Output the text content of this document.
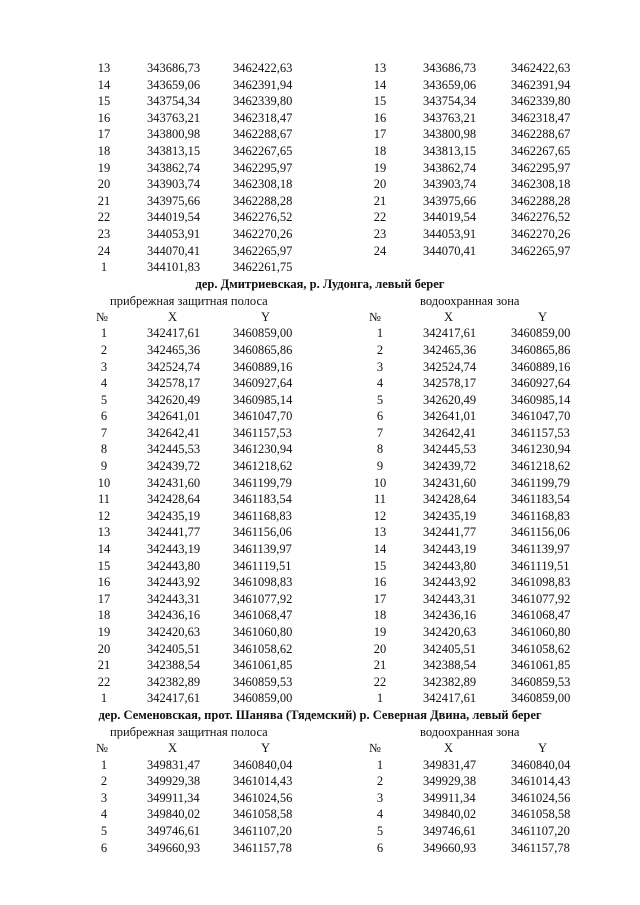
13	343686,73	3462422,63	13	343686,73	3462422,63
14	343659,06	3462391,94	14	343659,06	3462391,94
15	343754,34	3462339,80	15	343754,34	3462339,80
16	343763,21	3462318,47	16	343763,21	3462318,47
17	343800,98	3462288,67	17	343800,98	3462288,67
18	343813,15	3462267,65	18	343813,15	3462267,65
19	343862,74	3462295,97	19	343862,74	3462295,97
20	343903,74	3462308,18	20	343903,74	3462308,18
21	343975,66	3462288,28	21	343975,66	3462288,28
22	344019,54	3462276,52	22	344019,54	3462276,52
23	344053,91	3462270,26	23	344053,91	3462270,26
24	344070,41	3462265,97	24	344070,41	3462265,97
1	344101,83	3462261,75
дер. Дмитриевская, р. Лудонга, левый берег
прибрежная защитная полоса	водоохранная зона
№	X	Y	№	X	Y
1	342417,61	3460859,00	1	342417,61	3460859,00
2	342465,36	3460865,86	2	342465,36	3460865,86
3	342524,74	3460889,16	3	342524,74	3460889,16
4	342578,17	3460927,64	4	342578,17	3460927,64
5	342620,49	3460985,14	5	342620,49	3460985,14
6	342641,01	3461047,70	6	342641,01	3461047,70
7	342642,41	3461157,53	7	342642,41	3461157,53
8	342445,53	3461230,94	8	342445,53	3461230,94
9	342439,72	3461218,62	9	342439,72	3461218,62
10	342431,60	3461199,79	10	342431,60	3461199,79
11	342428,64	3461183,54	11	342428,64	3461183,54
12	342435,19	3461168,83	12	342435,19	3461168,83
13	342441,77	3461156,06	13	342441,77	3461156,06
14	342443,19	3461139,97	14	342443,19	3461139,97
15	342443,80	3461119,51	15	342443,80	3461119,51
16	342443,92	3461098,83	16	342443,92	3461098,83
17	342443,31	3461077,92	17	342443,31	3461077,92
18	342436,16	3461068,47	18	342436,16	3461068,47
19	342420,63	3461060,80	19	342420,63	3461060,80
20	342405,51	3461058,62	20	342405,51	3461058,62
21	342388,54	3461061,85	21	342388,54	3461061,85
22	342382,89	3460859,53	22	342382,89	3460859,53
1	342417,61	3460859,00	1	342417,61	3460859,00
дер. Семеновская, прот. Шанява (Тядемский) р. Северная Двина, левый берег
прибрежная защитная полоса	водоохранная зона
№	X	Y	№	X	Y
1	349831,47	3460840,04	1	349831,47	3460840,04
2	349929,38	3461014,43	2	349929,38	3461014,43
3	349911,34	3461024,56	3	349911,34	3461024,56
4	349840,02	3461058,58	4	349840,02	3461058,58
5	349746,61	3461107,20	5	349746,61	3461107,20
6	349660,93	3461157,78	6	349660,93	3461157,78
